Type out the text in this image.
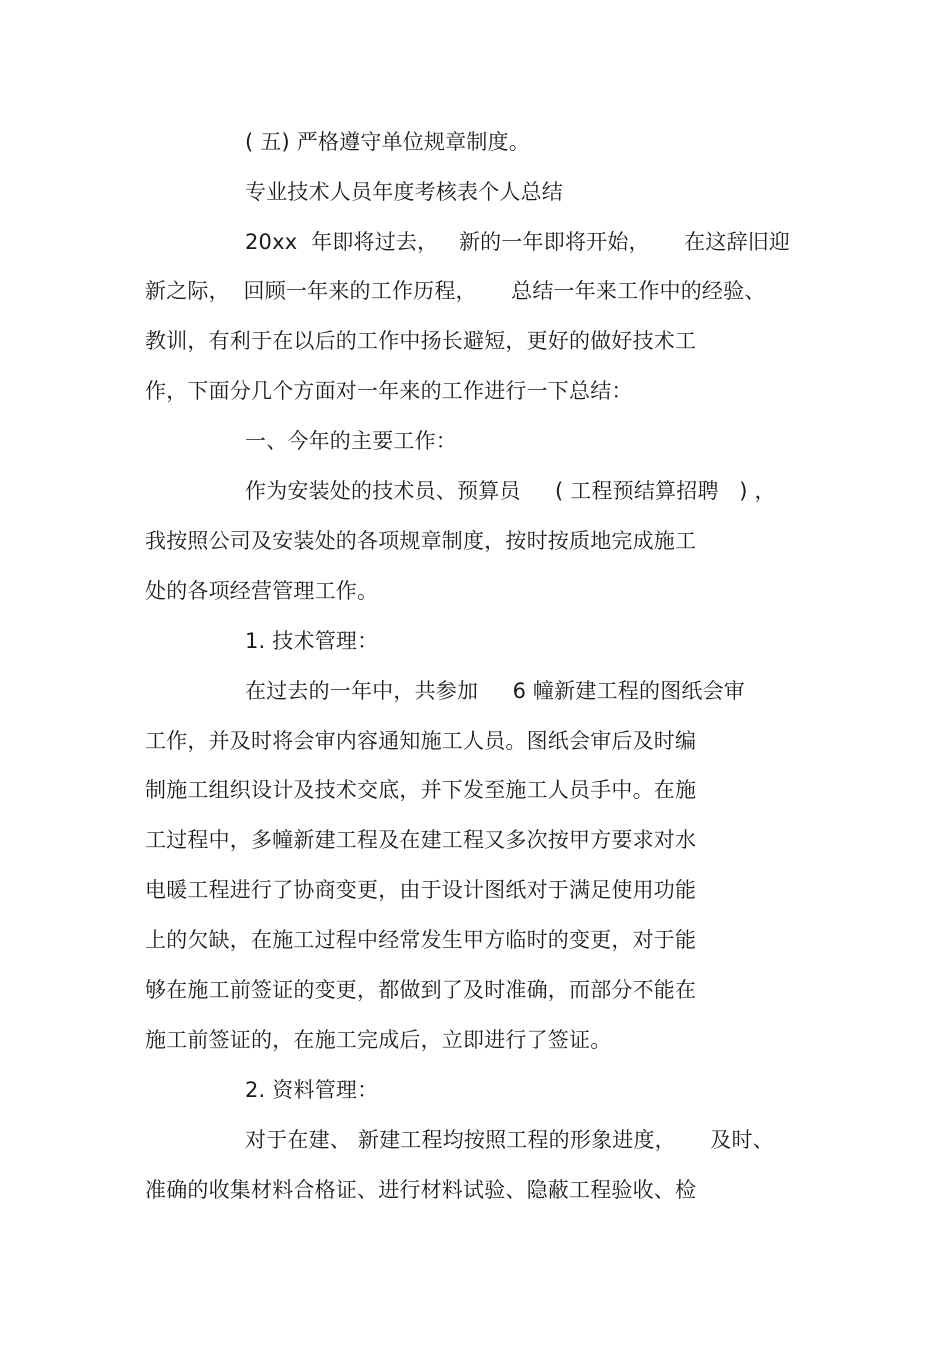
( 五) 严格遵守单位规章制度。
专业技术人员年度考核表个人总结
20xx  年即将过去，   新的一年即将开始，     在这辞旧迎
新之际，  回顾一年来的工作历程，     总结一年来工作中的经验、
教训，有利于在以后的工作中扬长避短，更好的做好技术工
作，下面分几个方面对一年来的工作进行一下总结：
一、今年的主要工作：
作为安装处的技术员、预算员     ( 工程预结算招聘   ) ，
我按照公司及安装处的各项规章制度，按时按质地完成施工
处的各项经营管理工作。
1. 技术管理：
在过去的一年中，共参加     6 幢新建工程的图纸会审
工作，并及时将会审内容通知施工人员。图纸会审后及时编
制施工组织设计及技术交底，并下发至施工人员手中。在施
工过程中，多幢新建工程及在建工程又多次按甲方要求对水
电暖工程进行了协商变更，由于设计图纸对于满足使用功能
上的欠缺，在施工过程中经常发生甲方临时的变更，对于能
够在施工前签证的变更，都做到了及时准确，而部分不能在
施工前签证的，在施工完成后，立即进行了签证。
2. 资料管理：
对于在建、 新建工程均按照工程的形象进度，     及时、
准确的收集材料合格证、进行材料试验、隐蔽工程验收、检
